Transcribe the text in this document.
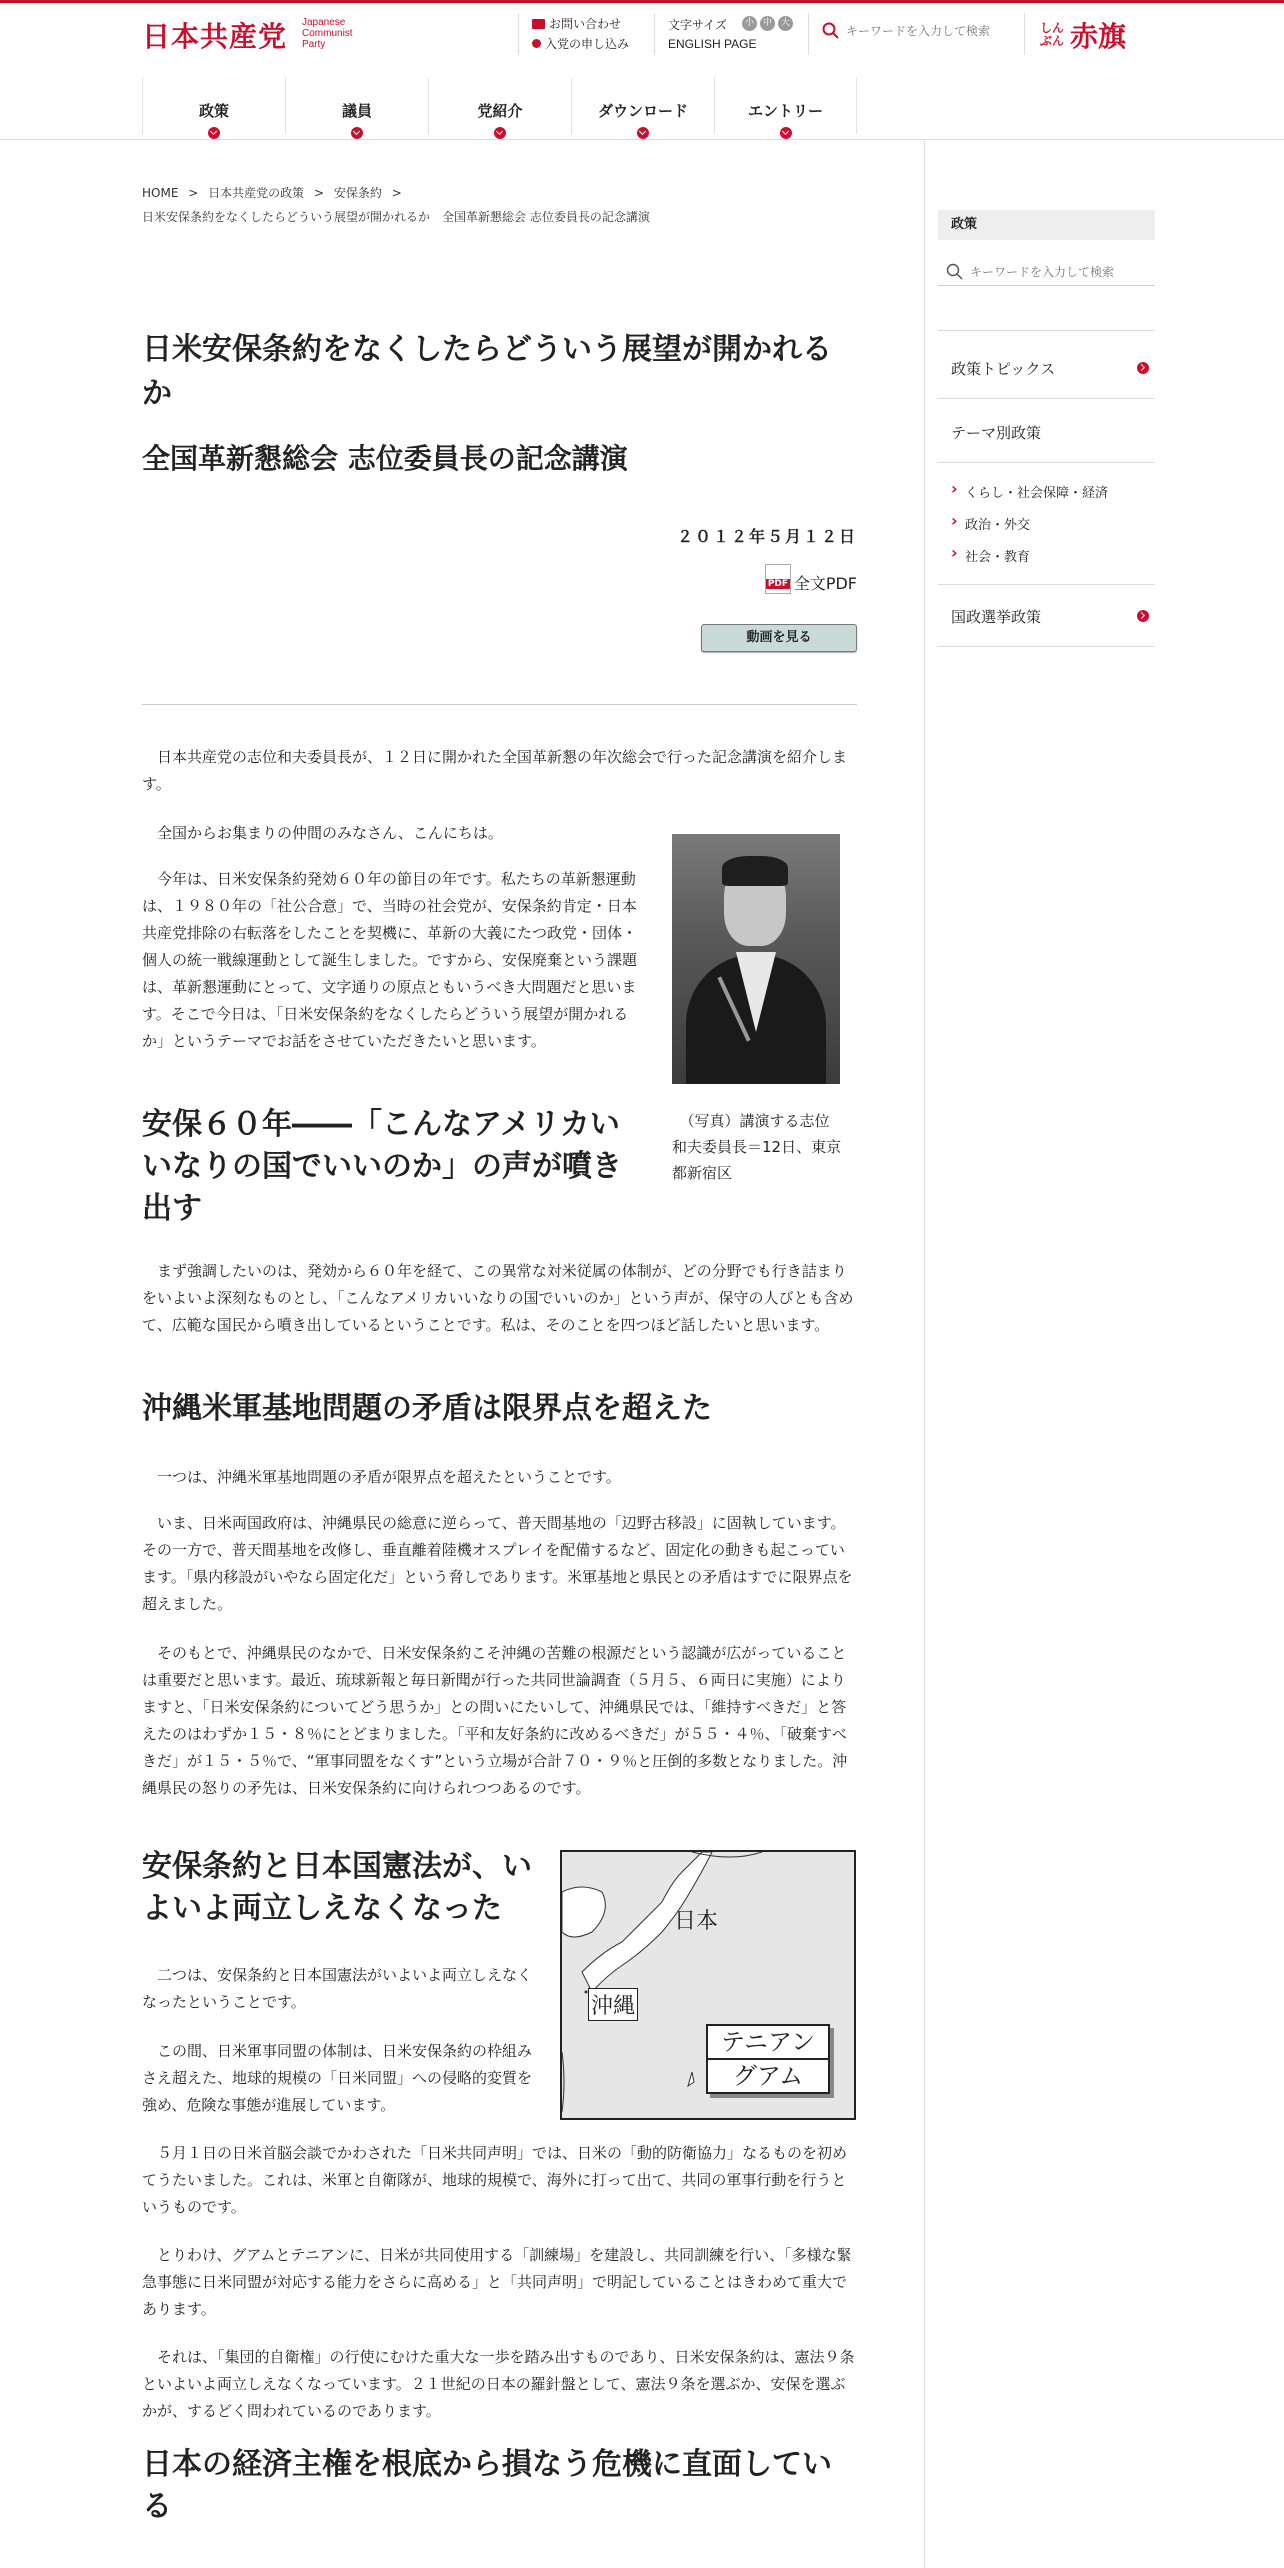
日本共産党 Japanese
Communist
Party
お問い合わせ
入党の申し込み
文字サイズ	小 中 大
ENGLISH PAGE
キーワードを入力して検索
しん
ぶん 赤旗
政策	議員	党紹介	ダウンロード	エントリー
HOME > 日本共産党の政策 > 安保条約 >
日米安保条約をなくしたらどういう展望が開かれるか　全国革新懇総会 志位委員長の記念講演
日米安保条約をなくしたらどういう展望が開かれるか
全国革新懇総会 志位委員長の記念講演
２０１２年５月１２日
PDF
全文PDF
動画を見る

日本共産党の志位和夫委員長が、１２日に開かれた全国革新懇の年次総会で行った記念講演を紹介します。

全国からお集まりの仲間のみなさん、こんにちは。

今年は、日米安保条約発効６０年の節目の年です。私たちの革新懇運動は、１９８０年の「社公合意」で、当時の社会党が、安保条約肯定・日本共産党排除の右転落をしたことを契機に、革新の大義にたつ政党・団体・個人の統一戦線運動として誕生しました。ですから、安保廃棄という課題は、革新懇運動にとって、文字通りの原点ともいうべき大問題だと思います。そこで今日は、「日米安保条約をなくしたらどういう展望が開かれるか」というテーマでお話をさせていただきたいと思います。

（写真）講演する志位和夫委員長＝12日、東京都新宿区
安保６０年――「こんなアメリカいいなりの国でいいのか」の声が噴き出す

まず強調したいのは、発効から６０年を経て、この異常な対米従属の体制が、どの分野でも行き詰まりをいよいよ深刻なものとし、「こんなアメリカいいなりの国でいいのか」という声が、保守の人びとも含めて、広範な国民から噴き出しているということです。私は、そのことを四つほど話したいと思います。

沖縄米軍基地問題の矛盾は限界点を超えた

一つは、沖縄米軍基地問題の矛盾が限界点を超えたということです。

いま、日米両国政府は、沖縄県民の総意に逆らって、普天間基地の「辺野古移設」に固執しています。その一方で、普天間基地を改修し、垂直離着陸機オスプレイを配備するなど、固定化の動きも起こっています。「県内移設がいやなら固定化だ」という脅しであります。米軍基地と県民との矛盾はすでに限界点を超えました。

そのもとで、沖縄県民のなかで、日米安保条約こそ沖縄の苦難の根源だという認識が広がっていることは重要だと思います。最近、琉球新報と毎日新聞が行った共同世論調査（５月５、６両日に実施）によりますと、「日米安保条約についてどう思うか」との問いにたいして、沖縄県民では、「維持すべきだ」と答えたのはわずか１５・８％にとどまりました。「平和友好条約に改めるべきだ」が５５・４％、「破棄すべきだ」が１５・５％で、“軍事同盟をなくす”という立場が合計７０・９％と圧倒的多数となりました。沖縄県民の怒りの矛先は、日米安保条約に向けられつつあるのです。

安保条約と日本国憲法が、いよいよ両立しえなくなった	日本
沖縄
テニアン
グアム

二つは、安保条約と日本国憲法がいよいよ両立しえなくなったということです。

この間、日米軍事同盟の体制は、日米安保条約の枠組みさえ超えた、地球的規模の「日米同盟」への侵略的変質を強め、危険な事態が進展しています。

５月１日の日米首脳会談でかわされた「日米共同声明」では、日米の「動的防衛協力」なるものを初めてうたいました。これは、米軍と自衛隊が、地球的規模で、海外に打って出て、共同の軍事行動を行うというものです。

とりわけ、グアムとテニアンに、日米が共同使用する「訓練場」を建設し、共同訓練を行い、「多様な緊急事態に日米同盟が対応する能力をさらに高める」と「共同声明」で明記していることはきわめて重大であります。

それは、「集団的自衛権」の行使にむけた重大な一歩を踏み出すものであり、日米安保条約は、憲法９条といよいよ両立しえなくなっています。２１世紀の日本の羅針盤として、憲法９条を選ぶか、安保を選ぶかが、するどく問われているのであります。

日本の経済主権を根底から損なう危機に直面している
政策
キーワードを入力して検索
政策トピックス
テーマ別政策
› くらし・社会保障・経済
› 政治・外交
› 社会・教育
国政選挙政策
